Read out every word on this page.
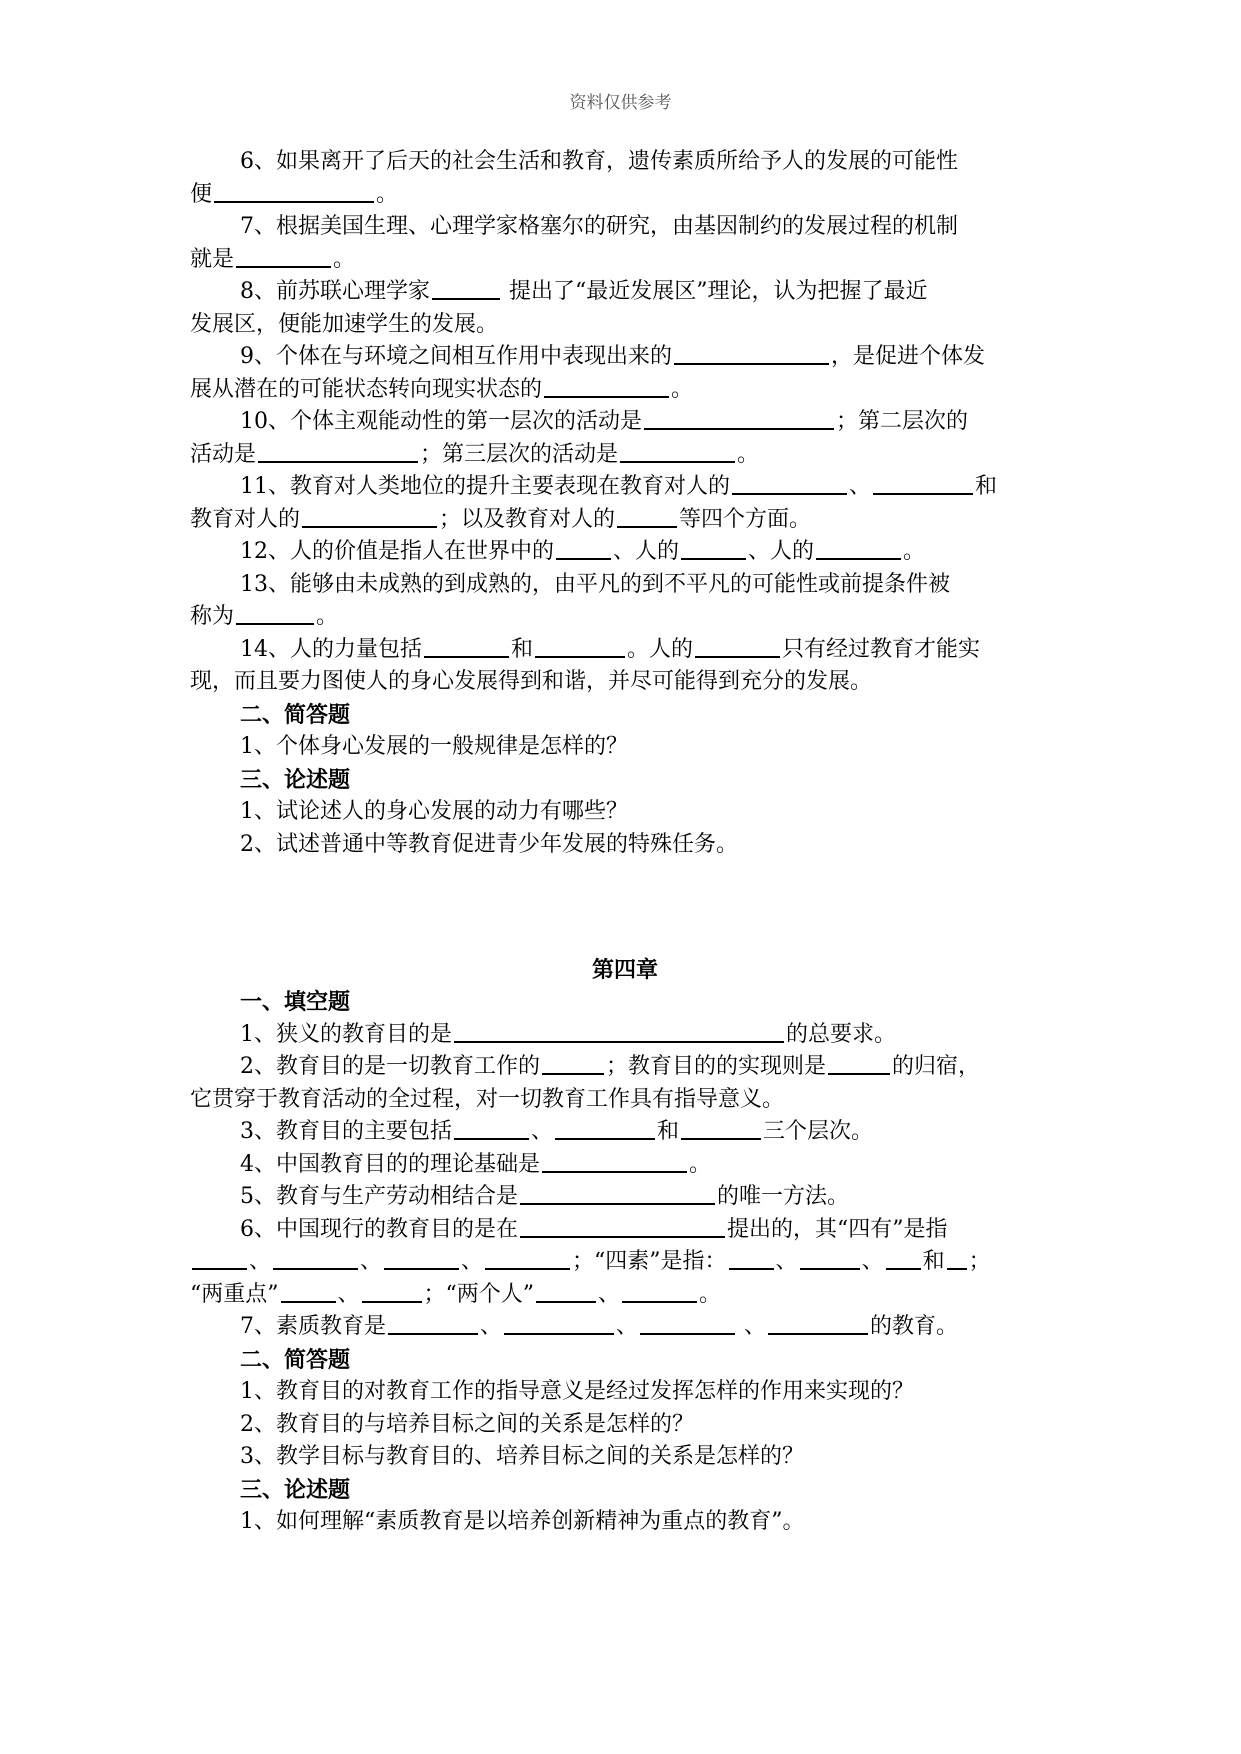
资料仅供参考
6、如果离开了后天的社会生活和教育，遗传素质所给予人的发展的可能性
便	。
7、根据美国生理、心理学家格塞尔的研究，由基因制约的发展过程的机制
就是	。
8、前苏联心理学家	提出了“最近发展区”理论，认为把握了最近
发展区，便能加速学生的发展。
9、个体在与环境之间相互作用中表现出来的	，是促进个体发
展从潜在的可能状态转向现实状态的	。
10、个体主观能动性的第一层次的活动是	；第二层次的
活动是	；第三层次的活动是	。
11、教育对人类地位的提升主要表现在教育对人的	、	和
教育对人的	；以及教育对人的	等四个方面。
12、人的价值是指人在世界中的	、人的	、人的	。
13、能够由未成熟的到成熟的，由平凡的到不平凡的可能性或前提条件被
称为	。
14、人的力量包括	和	。人的	只有经过教育才能实
现，而且要力图使人的身心发展得到和谐，并尽可能得到充分的发展。
二、简答题
1、个体身心发展的一般规律是怎样的？
三、论述题
1、试论述人的身心发展的动力有哪些？
2、试述普通中等教育促进青少年发展的特殊任务。
第四章
一、填空题
1、狭义的教育目的是	的总要求。
2、教育目的是一切教育工作的	；教育目的的实现则是	的归宿，
它贯穿于教育活动的全过程，对一切教育工作具有指导意义。
3、教育目的主要包括	、	和	三个层次。
4、中国教育目的的理论基础是	。
5、教育与生产劳动相结合是	的唯一方法。
6、中国现行的教育目的是在	提出的，其“四有”是指
、	、	、	；“四素”是指： 、	、 和 ；
“两重点”	、	；“两个人”	、	。
7、素质教育是	、	、	、	的教育。
二、简答题
1、教育目的对教育工作的指导意义是经过发挥怎样的作用来实现的？
2、教育目的与培养目标之间的关系是怎样的？
3、教学目标与教育目的、培养目标之间的关系是怎样的？
三、论述题
1、如何理解“素质教育是以培养创新精神为重点的教育”。
